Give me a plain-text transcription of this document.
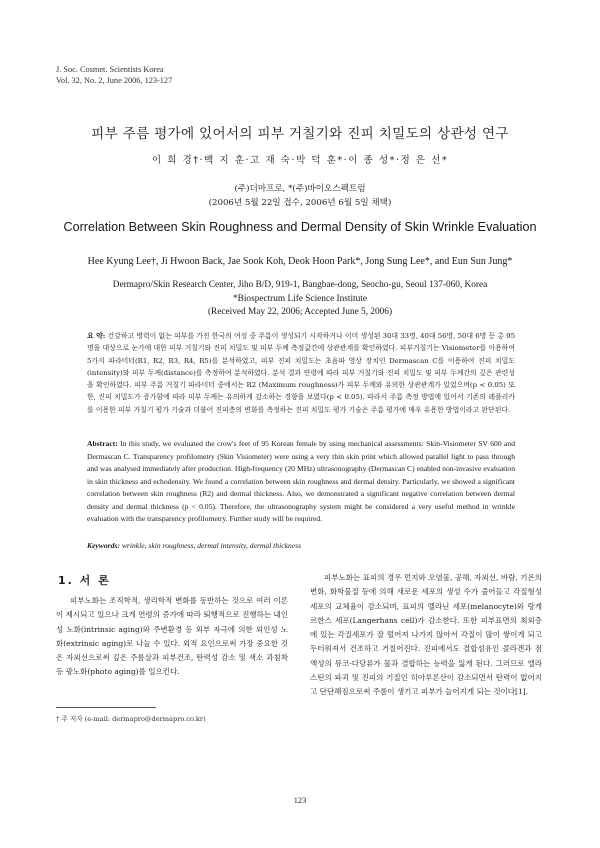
J. Soc. Cosmet. Scientists Korea
Vol. 32, No. 2, June 2006, 123-127
피부 주름 평가에 있어서의 피부 거칠기와 진피 치밀도의 상관성 연구
이 희 경†·백 지 훈·고 재 숙·박 덕 훈*·이 종 성*·정 은 선*
(주)더마프로, *(주)바이오스펙트럼
(2006년 5월 22일 접수, 2006년 6월 5일 채택)
Correlation Between Skin Roughness and Dermal Density of Skin Wrinkle Evaluation
Hee Kyung Lee†, Ji Hwoon Back, Jae Sook Koh, Deok Hoon Park*, Jong Sung Lee*, and Eun Sun Jung*
Dermapro/Skin Research Center, Jiho B/D, 919-1, Bangbae-dong, Seocho-gu, Seoul 137-060, Korea
*Biospectrum Life Science Institute
(Received May 22, 2006; Accepted June 5, 2006)
요 약: 건강하고 병력이 없는 피부를 가진 한국의 여성 중 주름이 생성되기 시작하거나 이미 생성된 30대 33명, 40대 56명, 50대 6명 등 총 95명을 대상으로 눈가에 대한 피부 거칠기와 진피 치밀도 및 피부 두께 측정값간에 상관관계를 확인하였다. 피부거칠기는 Visiometer를 이용하여 5가지 파라미터(R1, R2, R3, R4, R5)를 분석하였고, 피부 진피 치밀도는 초음파 영상 장치인 Dermascan C를 이용하여 진피 치밀도(intensity)와 피부 두께(distance)를 측정하여 분석하였다. 분석 결과 연령에 따라 피부 거칠기와 진피 치밀도 및 피부 두께간의 깊은 관련성을 확인하였다. 피부 주름 거칠기 파라미터 중에서는 R2 (Maximum roughness)가 피부 두께와 유의한 상관관계가 있었으며(p < 0.05) 또한, 진피 치밀도가 증가함에 따라 피부 두께는 유의하게 감소하는 경향을 보였다(p < 0.05). 따라서 주름 측정 방법에 있어서 기존의 레플리카를 이용한 피부 거칠기 평가 기술과 더불어 진피층의 변화를 측정하는 진피 치밀도 평가 기술은 주름 평가에 매우 유용한 방법이라고 판단된다.
Abstract: In this study, we evaluated the crow's feet of 95 Korean female by using mechanical assessments: Skin-Visiometer SV 600 and Dermascan C. Transparency profilometry (Skin Visiometer) were using a very thin skin print which allowed parallel light to pass through and was analysed immediately after production. High-frequency (20 MHz) ultrasonography (Dermascan C) enabled non-invasive evaluation in skin thickness and echodensity. We found a correlation between skin roughness and dermal density. Particularly, we showed a significant correlation between skin roughness (R2) and dermal thickness. Also, we demonstrated a significant negative correlation between dermal density and dermal thickness (p < 0.05). Therefore, the ultrasonography system might be considered a very useful method in wrinkle evaluation with the transparency profilometry. Further study will be required.
Keywords: wrinkle, skin roughness, dermal intensity, dermal thickness
1. 서 론
피부노화는 조직학적, 생리학적 변화를 동반하는 것으로 여러 이론이 제시되고 있으나 크게 연령의 증가에 따라 퇴행적으로 진행하는 내인성 노화(intrinsic aging)와 주변환경 등 외부 자극에 의한 외인성 노화(extrinsic aging)로 나눌 수 있다. 외적 요인으로써 가장 중요한 것은 자외선으로써 깊은 주름살과 피부건조, 탄력성 감소 및 색소 과침착 등 광노화(photo aging)를 일으킨다.
피부노화는 표피의 경우 먼지와 오염물, 공해, 자외선, 바람, 기온의 변화, 화학물질 등에 의해 새로운 세포의 생성 수가 줄어들고 각질형성세포의 교체율이 감소되며, 표피의 멜라닌 세포(melanocyte)와 랑게르한스 세포(Langerhans cell)가 감소한다. 또한 피부표면의 최외층에 있는 각질세포가 잘 떨어져 나가지 않아서 각질이 많이 쌓이게 되고 두터워져서 건조하고 거칠어진다. 진피에서도 결합섬유인 콜라겐과 점액성의 뮤코-다당류가 물과 결합하는 능력을 잃게 된다. 그러므로 엘라스틴의 파괴 및 진피의 기질인 히아루론산이 감소되면서 탄력이 없어지고 단단해짐으로써 주름이 생기고 피부가 늘어지게 되는 것이다[1].
† 주 저자 (e-mail: dermapro@dermapro.co.kr)
123
